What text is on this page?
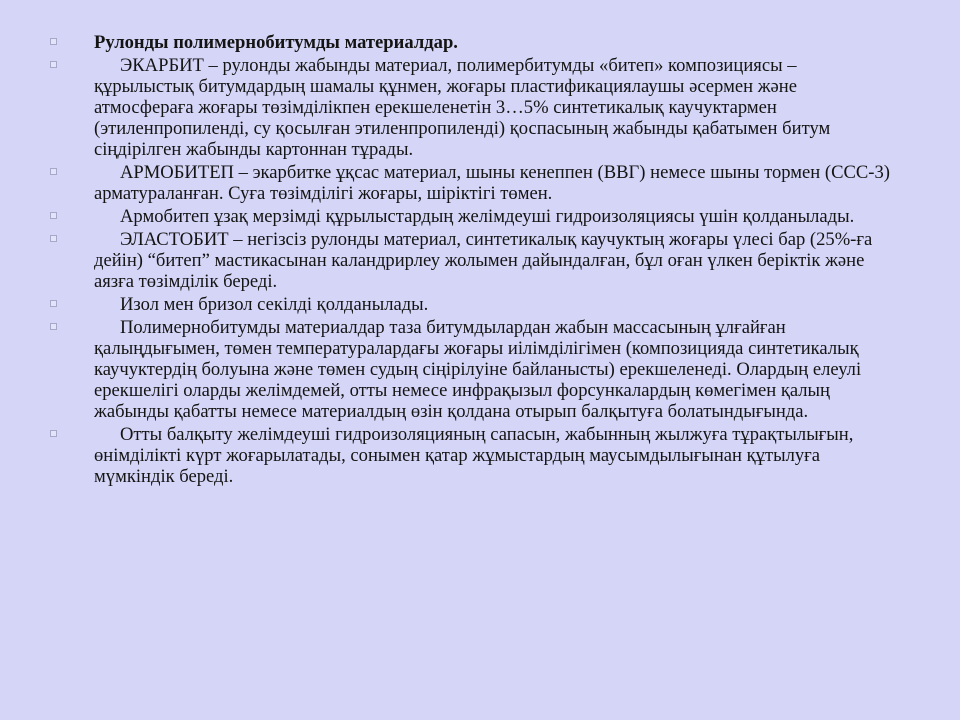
Рулонды полимернобитумды материалдар.
ЭКАРБИТ – рулонды жабынды материал, полимербитумды «битеп» композициясы – құрылыстық битумдардың шамалы құнмен, жоғары пластификациялаушы әсермен және атмосфераға жоғары төзімділікпен ерекшеленетін 3…5% синтетикалық каучуктармен (этиленпропиленді, су қосылған этиленпропиленді) қоспасының жабынды қабатымен битум сіңдірілген жабынды картоннан тұрады.
АРМОБИТЕП – экарбитке ұқсас материал, шыны кенеппен (ВВГ) немесе шыны тормен (ССС-3) арматураланған. Суға төзімділігі жоғары, шіріктігі төмен.
Армобитеп ұзақ мерзімді құрылыстардың желімдеуші гидроизоляциясы үшін қолданылады.
ЭЛАСТОБИТ – негізсіз рулонды материал, синтетикалық каучуктың жоғары үлесі бар (25%-ға дейін) “битеп” мастикасынан каландрирлеу жолымен дайындалған, бұл оған үлкен беріктік және аязға төзімділік береді.
Изол мен бризол секілді қолданылады.
Полимернобитумды материалдар таза битумдылардан жабын массасының ұлғайған қалыңдығымен, төмен температуралардағы жоғары иілімділігімен (композицияда синтетикалық каучуктердің болуына және төмен судың сіңірілуіне байланысты) ерекшеленеді. Олардың елеулі ерекшелігі оларды желімдемей, отты немесе инфрақызыл форсункалардың көмегімен қалың жабынды қабатты немесе материалдың өзін қолдана отырып балқытуға болатындығында.
Отты балқыту желімдеуші гидроизоляцияның сапасын, жабынның жылжуға тұрақтылығын, өнімділікті күрт жоғарылатады, сонымен қатар жұмыстардың маусымдылығынан құтылуға мүмкіндік береді.
